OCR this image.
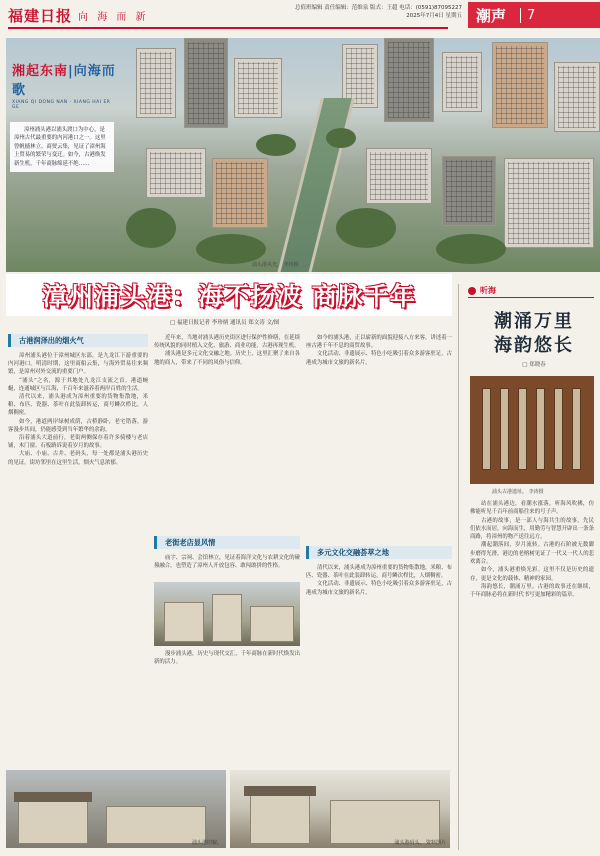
福建日报 向 海 而 新
总值班编辑 责任编辑：范维泉 版式：王超 电话：(0591)87095227
2025年7月4日 星期五 潮声	7
湘起东南|向海而歌
XIANG QI DONG NAN · XIANG HAI ER GE
漳州浦头港以浦头渡口为中心，是漳州古代最重要的内河港口之一。这里曾帆樯林立、商贾云集，见证了漳州海上贸易的繁荣与变迁。如今，古港焕发新生机，千年商脉绵延不绝……
浦头港风光。 李涛摄
漳州浦头港：海不扬波 商脉千年
□ 福建日报记者 李珍炳 通讯员 郑文涛 文/图
古港润泽出的烟火气

漳州浦头港位于漳州城区东部，是九龙江下游重要的内河港口。明清时期，这里商船云集，与海外贸易往来频繁，是漳州对外交流的重要门户。

“浦头”之名，源于其地处九龙江支流之首。港道蜿蜒，连通城区与江海，千百年来滋养着两岸百姓的生活。

清代以来，浦头港成为漳州重要的货物集散地，米粮、布匹、瓷器、茶叶在此装卸转运，商号鳞次栉比，人烟稠密。

如今，港道两岸绿树成荫，古桥静卧，老宅错落，游客漫步其间，仍能感受到当年繁华的余韵。

沿着浦头大道前行，老街两侧保存着许多骑楼与老店铺，木门窗、石板路诉说着岁月的故事。

大庙、小庙、古井、老码头，每一处都是浦头港历史的见证。街坊邻里在这里生活，烟火气息浓郁。

近年来，当地对浦头港历史街区进行保护性修缮，在延续传统风貌的同时植入文化、旅游、商业功能，古港再现生机。

浦头港是多元文化交融之地。历史上，这里汇聚了来自各地的商人，带来了不同的风俗与信仰。

老街老店显风情

庙宇、宗祠、会馆林立，见证着海洋文化与农耕文化的碰撞融合，也塑造了漳州人开放包容、敢闯敢拼的性格。

漫步浦头港，历史与现代交汇，千年商脉在新时代焕发出新的活力。

如今的浦头港，正以崭新的面貌迎接八方来客，讲述着一座古港千年不息的商贸故事。

文化活动、非遗展示、特色小吃吸引着众多游客驻足，古港成为城市文旅的新名片。

多元文化交融荟萃之地

清代以来，浦头港成为漳州重要的货物集散地，米粮、布匹、瓷器、茶叶在此装卸转运，商号鳞次栉比，人烟稠密。

文化活动、非遗展示、特色小吃吸引着众多游客驻足，古港成为城市文旅的新名片。

浦头港旧貌。	浦头港码头。 资料图片
听海
潮涌万里
海韵悠长
□ 郑晓春
浦头古港遗址。 李涛摄

站在浦头港边，看潮水涨落，听海风吹拂，仿佛能听见千百年前商船往来的号子声。

古港的故事，是一部人与海共生的故事。先民们依水而居，向海而生，用勤劳与智慧开辟出一条条商路，将漳州的物产送往远方。

潮起潮落间，岁月流转。古港的石阶被无数脚步磨得光滑，港边的老榕树见证了一代又一代人的悲欢离合。

如今，浦头港重焕光彩。这里不仅是历史的遗存，更是文化的载体、精神的家园。

海韵悠长，潮涌万里。古港的故事还在继续，千年商脉必将在新时代书写更加精彩的篇章。
